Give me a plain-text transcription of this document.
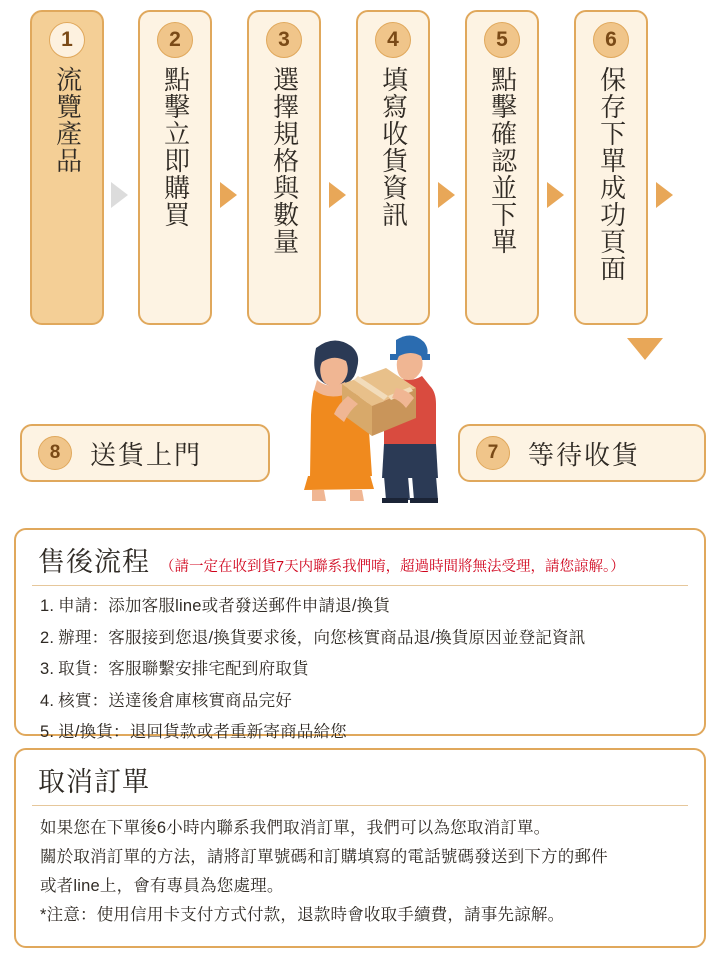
1
流覽產品
2
點擊立即購買
3
選擇規格與數量
4
填寫收貨資訊
5
點擊確認並下單
6
保存下單成功頁面
8	送貨上門	7	等待收貨
售後流程 （請一定在收到貨7天内聯系我們唷，超過時間將無法受理，請您諒解。）
1. 申請：添加客服line或者發送郵件申請退/換貨
2. 辦理：客服接到您退/換貨要求後，向您核實商品退/換貨原因並登記資訊
3. 取貨：客服聯繫安排宅配到府取貨
4. 核實：送達後倉庫核實商品完好
5. 退/換貨：退回貨款或者重新寄商品給您
取消訂單
如果您在下單後6小時内聯系我們取消訂單，我們可以為您取消訂單。
關於取消訂單的方法，請將訂單號碼和訂購填寫的電話號碼發送到下方的郵件
或者line上，會有專員為您處理。
*注意：使用信用卡支付方式付款，退款時會收取手續費，請事先諒解。
